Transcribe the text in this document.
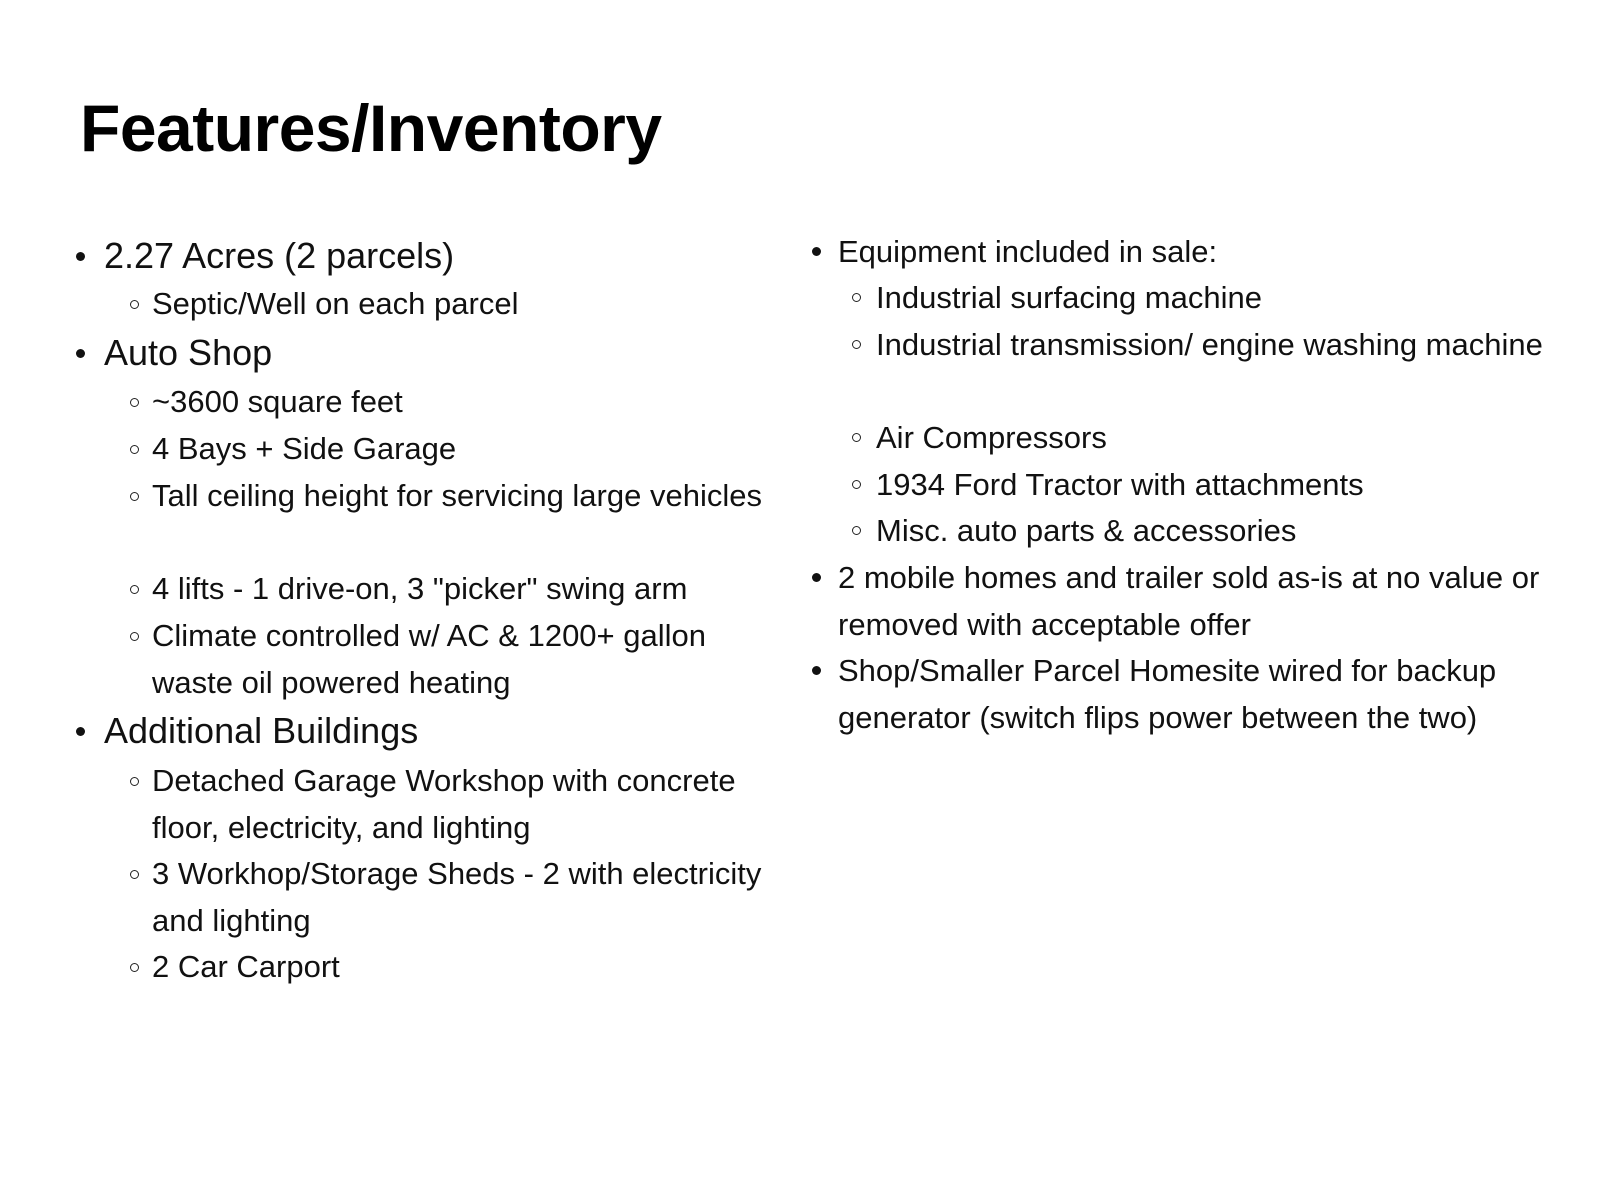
Features/Inventory
2.27 Acres (2 parcels)
Septic/Well on each parcel
Auto Shop
~3600 square feet
4 Bays + Side Garage
Tall ceiling height for servicing large vehicles
4 lifts - 1 drive-on, 3 "picker" swing arm
Climate controlled w/ AC & 1200+ gallon waste oil powered heating
Additional Buildings
Detached Garage Workshop with concrete floor, electricity, and lighting
3 Workhop/Storage Sheds - 2 with electricity and lighting
2 Car Carport
Equipment included in sale:
Industrial surfacing machine
Industrial transmission/ engine washing machine
Air Compressors
1934 Ford Tractor with attachments
Misc. auto parts & accessories
2 mobile homes and trailer sold as-is at no value or removed with acceptable offer
Shop/Smaller Parcel Homesite wired for backup generator (switch flips power between the two)
